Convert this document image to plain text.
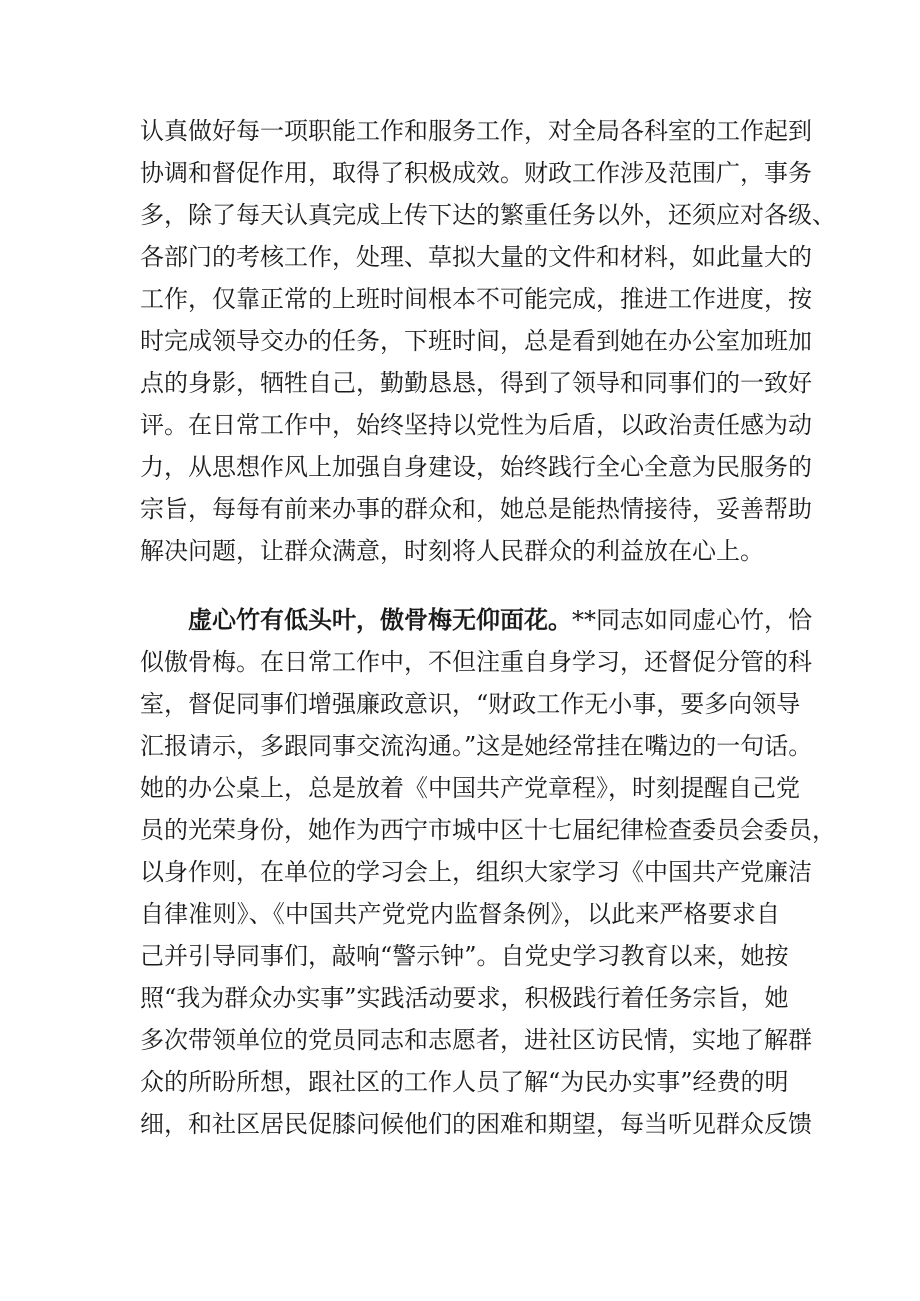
认真做好每一项职能工作和服务工作，对全局各科室的工作起到
协调和督促作用，取得了积极成效。财政工作涉及范围广，事务
多，除了每天认真完成上传下达的繁重任务以外，还须应对各级、
各部门的考核工作，处理、草拟大量的文件和材料，如此量大的
工作，仅靠正常的上班时间根本不可能完成，推进工作进度，按
时完成领导交办的任务，下班时间，总是看到她在办公室加班加
点的身影，牺牲自己，勤勤恳恳，得到了领导和同事们的一致好
评。在日常工作中，始终坚持以党性为后盾，以政治责任感为动
力，从思想作风上加强自身建设，始终践行全心全意为民服务的
宗旨，每每有前来办事的群众和，她总是能热情接待，妥善帮助
解决问题，让群众满意，时刻将人民群众的利益放在心上。
虚心竹有低头叶，傲骨梅无仰面花。**同志如同虚心竹，恰
似傲骨梅。在日常工作中，不但注重自身学习，还督促分管的科
室，督促同事们增强廉政意识，“财政工作无小事，要多向领导
汇报请示，多跟同事交流沟通。”这是她经常挂在嘴边的一句话。
她的办公桌上，总是放着《中国共产党章程》，时刻提醒自己党
员的光荣身份，她作为西宁市城中区十七届纪律检查委员会委员，
以身作则，在单位的学习会上，组织大家学习《中国共产党廉洁
自律准则》、《中国共产党党内监督条例》，以此来严格要求自
己并引导同事们，敲响“警示钟”。自党史学习教育以来，她按
照“我为群众办实事”实践活动要求，积极践行着任务宗旨，她
多次带领单位的党员同志和志愿者，进社区访民情，实地了解群
众的所盼所想，跟社区的工作人员了解“为民办实事”经费的明
细，和社区居民促膝问候他们的困难和期望，每当听见群众反馈
